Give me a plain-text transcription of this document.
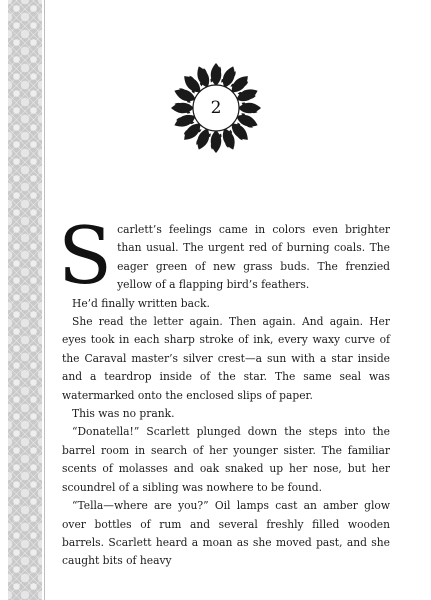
2

Scarlett’s feelings came in colors even brighter than usual. The urgent red of burning coals. The eager green of new grass buds. The frenzied yellow of a flapping bird’s feathers.

He’d finally written back.

She read the letter again. Then again. And again. Her eyes took in each sharp stroke of ink, every waxy curve of the Caraval master’s silver crest—a sun with a star inside and a teardrop inside of the star. The same seal was watermarked onto the enclosed slips of paper.

This was no prank.

“Donatella!” Scarlett plunged down the steps into the barrel room in search of her younger sister. The familiar scents of molasses and oak snaked up her nose, but her scoundrel of a sibling was nowhere to be found.

“Tella—where are you?” Oil lamps cast an amber glow over bottles of rum and several freshly filled wooden barrels. Scarlett heard a moan as she moved past, and she caught bits of heavy
